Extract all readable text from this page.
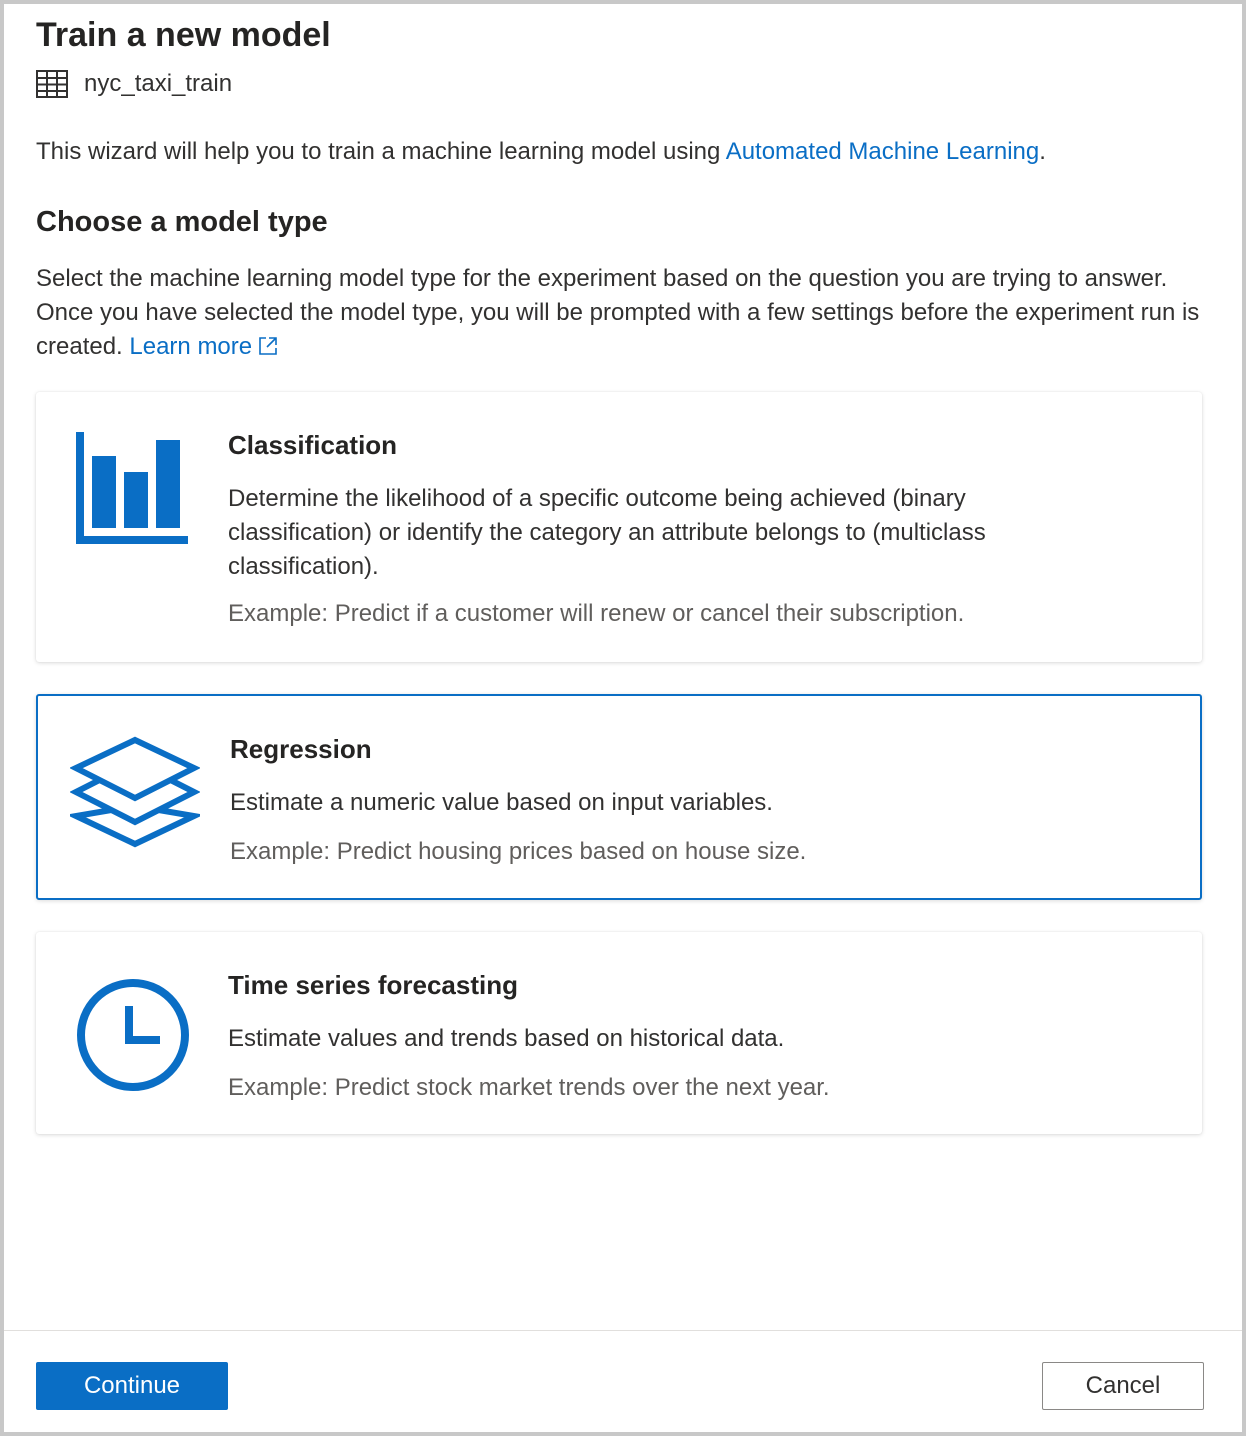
Train a new model
nyc_taxi_train
This wizard will help you to train a machine learning model using Automated Machine Learning.
Choose a model type
Select the machine learning model type for the experiment based on the question you are trying to answer. Once you have selected the model type, you will be prompted with a few settings before the experiment run is created. Learn more
Classification
Determine the likelihood of a specific outcome being achieved (binary classification) or identify the category an attribute belongs to (multiclass classification).
Example: Predict if a customer will renew or cancel their subscription.
Regression
Estimate a numeric value based on input variables.
Example: Predict housing prices based on house size.
Time series forecasting
Estimate values and trends based on historical data.
Example: Predict stock market trends over the next year.
Continue	Cancel
